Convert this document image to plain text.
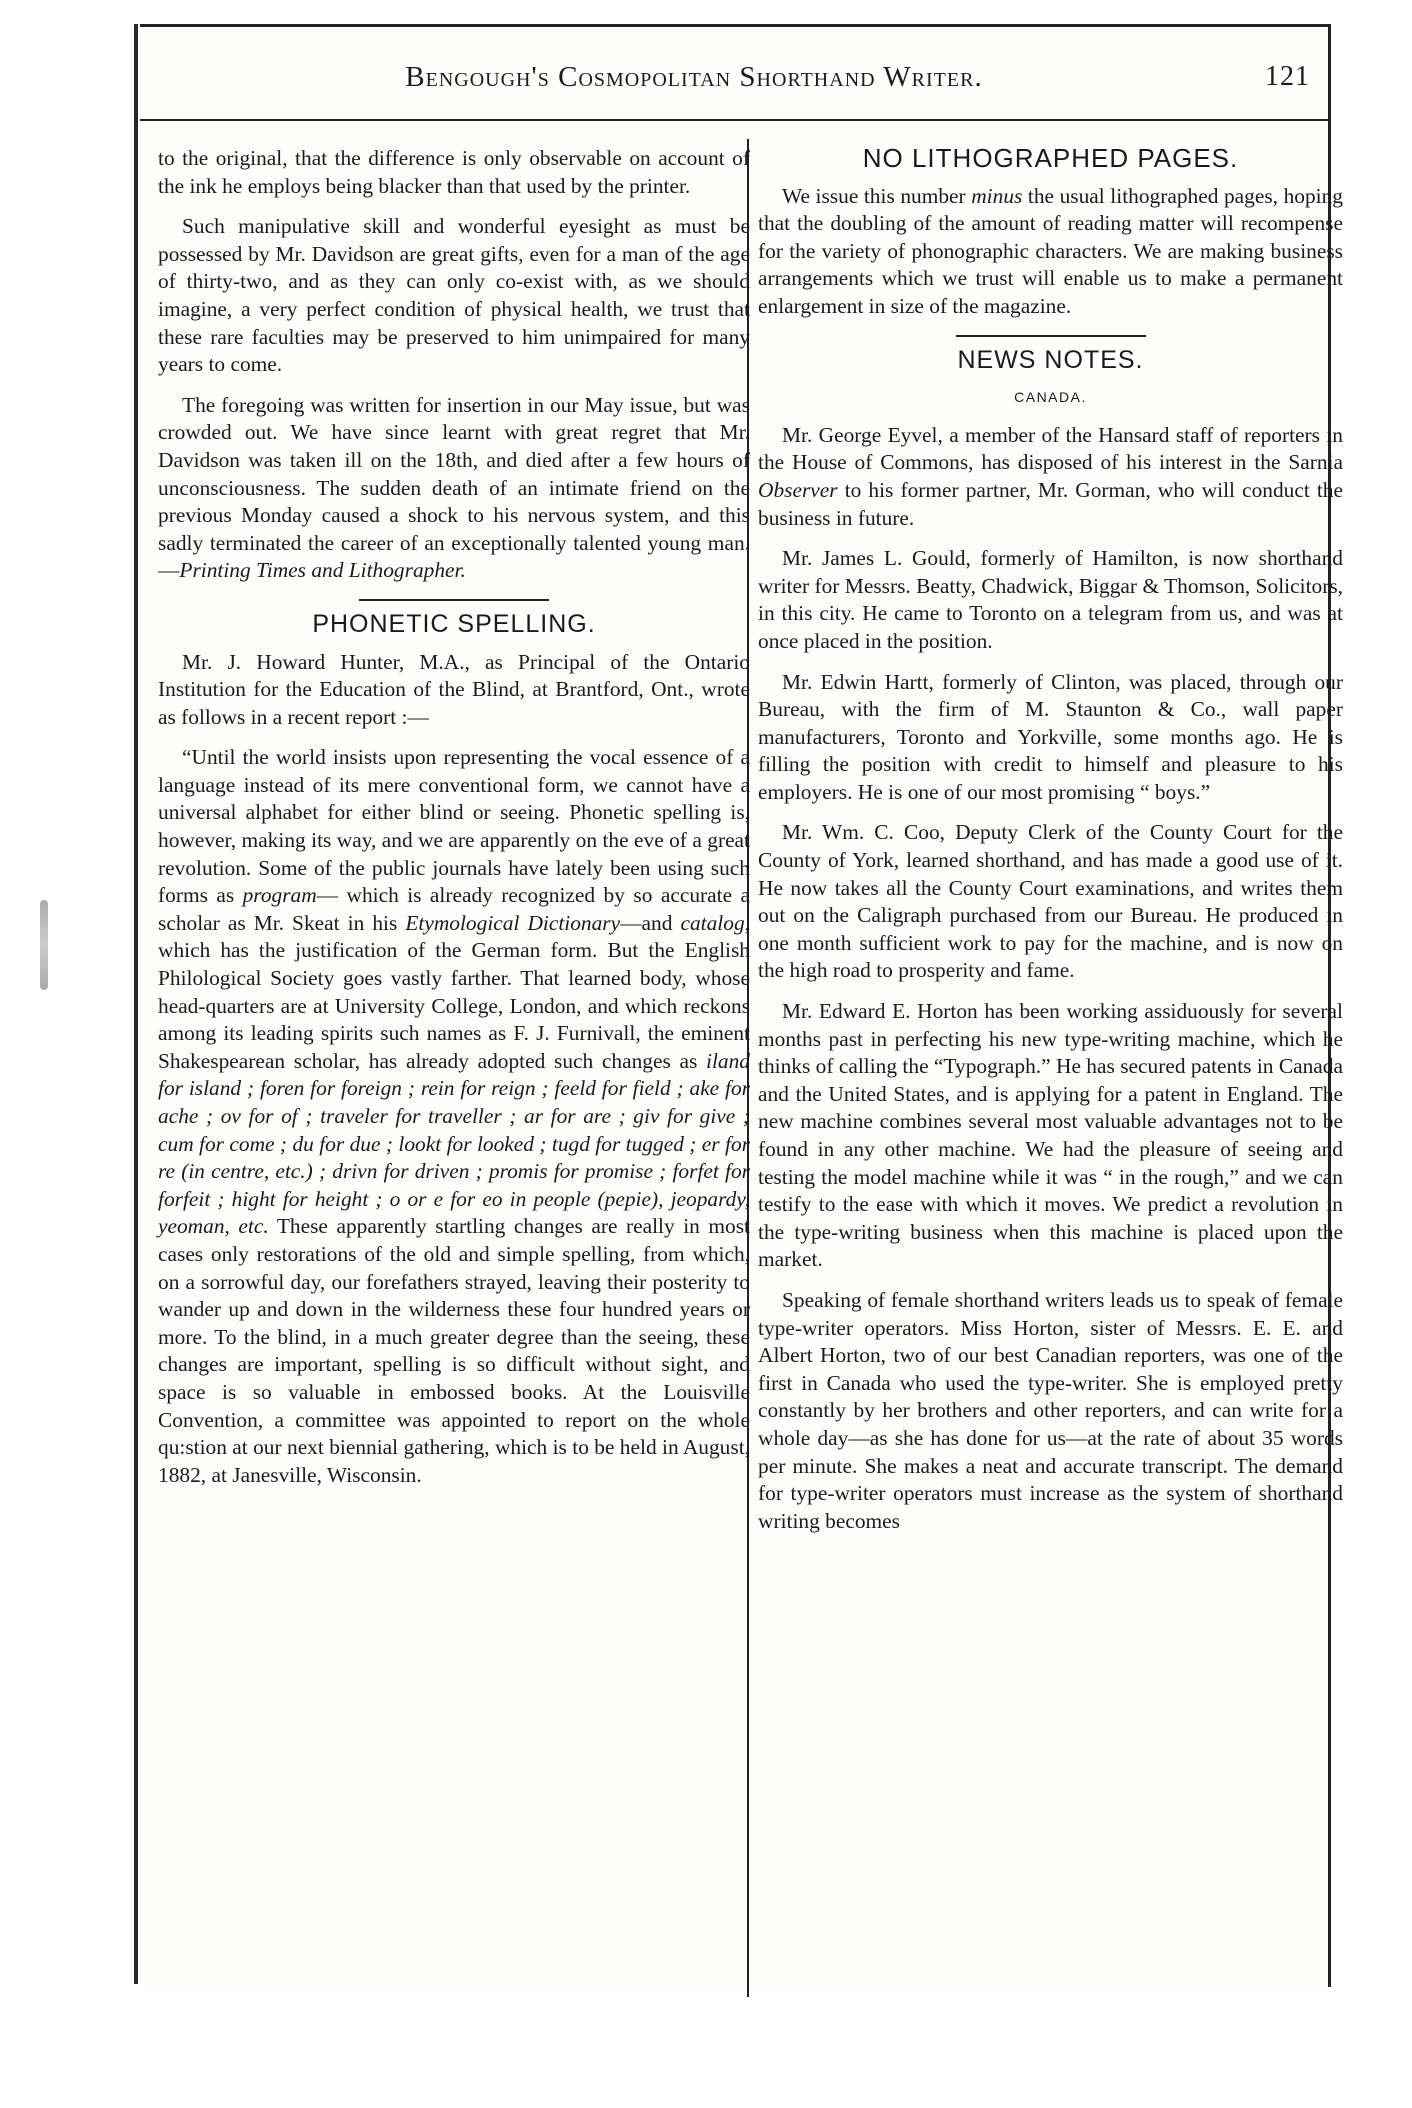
Bengough's Cosmopolitan Shorthand Writer.	121

to the original, that the difference is only observable on account of the ink he employs being blacker than that used by the printer.

Such manipulative skill and wonderful eyesight as must be possessed by Mr. Davidson are great gifts, even for a man of the age of thirty-two, and as they can only co-exist with, as we should imagine, a very perfect condition of physical health, we trust that these rare faculties may be preserved to him unimpaired for many years to come.

The foregoing was written for insertion in our May issue, but was crowded out. We have since learnt with great regret that Mr. Davidson was taken ill on the 18th, and died after a few hours of unconsciousness. The sudden death of an intimate friend on the previous Monday caused a shock to his nervous system, and this sadly terminated the career of an exceptionally talented young man.—Printing Times and Lithographer.

PHONETIC SPELLING.

Mr. J. Howard Hunter, M.A., as Principal of the Ontario Institution for the Education of the Blind, at Brantford, Ont., wrote as follows in a recent report :—

“Until the world insists upon representing the vocal essence of a language instead of its mere conventional form, we cannot have a universal alphabet for either blind or seeing. Phonetic spelling is, however, making its way, and we are apparently on the eve of a great revolution. Some of the public journals have lately been using such forms as program— which is already recognized by so accurate a scholar as Mr. Skeat in his Etymological Dictionary—and catalog, which has the justification of the German form. But the English Philological Society goes vastly farther. That learned body, whose head-quarters are at University College, London, and which reckons among its leading spirits such names as F. J. Furnivall, the eminent Shakespearean scholar, has already adopted such changes as iland for island ; foren for foreign ; rein for reign ; feeld for field ; ake for ache ; ov for of ; traveler for traveller ; ar for are ; giv for give ; cum for come ; du for due ; lookt for looked ; tugd for tugged ; er for re (in centre, etc.) ; drivn for driven ; promis for promise ; forfet for forfeit ; hight for height ; o or e for eo in people (pepie), jeopardy, yeoman, etc. These apparently startling changes are really in most cases only restorations of the old and simple spelling, from which, on a sorrowful day, our forefathers strayed, leaving their posterity to wander up and down in the wilderness these four hundred years or more. To the blind, in a much greater degree than the seeing, these changes are important, spelling is so difficult without sight, and space is so valuable in embossed books. At the Louisville Convention, a committee was appointed to report on the whole qu:stion at our next biennial gathering, which is to be held in August, 1882, at Janesville, Wisconsin.

NO LITHOGRAPHED PAGES.

We issue this number minus the usual lithographed pages, hoping that the doubling of the amount of reading matter will recompense for the variety of phonographic characters. We are making business arrangements which we trust will enable us to make a permanent enlargement in size of the magazine.

NEWS NOTES.
CANADA.

Mr. George Eyvel, a member of the Hansard staff of reporters in the House of Commons, has disposed of his interest in the Sarnia Observer to his former partner, Mr. Gorman, who will conduct the business in future.

Mr. James L. Gould, formerly of Hamilton, is now shorthand writer for Messrs. Beatty, Chadwick, Biggar & Thomson, Solicitors, in this city. He came to Toronto on a telegram from us, and was at once placed in the position.

Mr. Edwin Hartt, formerly of Clinton, was placed, through our Bureau, with the firm of M. Staunton & Co., wall paper manufacturers, Toronto and Yorkville, some months ago. He is filling the position with credit to himself and pleasure to his employers. He is one of our most promising “ boys.”

Mr. Wm. C. Coo, Deputy Clerk of the County Court for the County of York, learned shorthand, and has made a good use of it. He now takes all the County Court examinations, and writes them out on the Caligraph purchased from our Bureau. He produced in one month sufficient work to pay for the machine, and is now on the high road to prosperity and fame.

Mr. Edward E. Horton has been working assiduously for several months past in perfecting his new type-writing machine, which he thinks of calling the “Typograph.” He has secured patents in Canada and the United States, and is applying for a patent in England. The new machine combines several most valuable advantages not to be found in any other machine. We had the pleasure of seeing and testing the model machine while it was “ in the rough,” and we can testify to the ease with which it moves. We predict a revolution in the type-writing business when this machine is placed upon the market.

Speaking of female shorthand writers leads us to speak of female type-writer operators. Miss Horton, sister of Messrs. E. E. and Albert Horton, two of our best Canadian reporters, was one of the first in Canada who used the type-writer. She is employed pretty constantly by her brothers and other reporters, and can write for a whole day—as she has done for us—at the rate of about 35 words per minute. She makes a neat and accurate transcript. The demand for type-writer operators must increase as the system of shorthand writing becomes
